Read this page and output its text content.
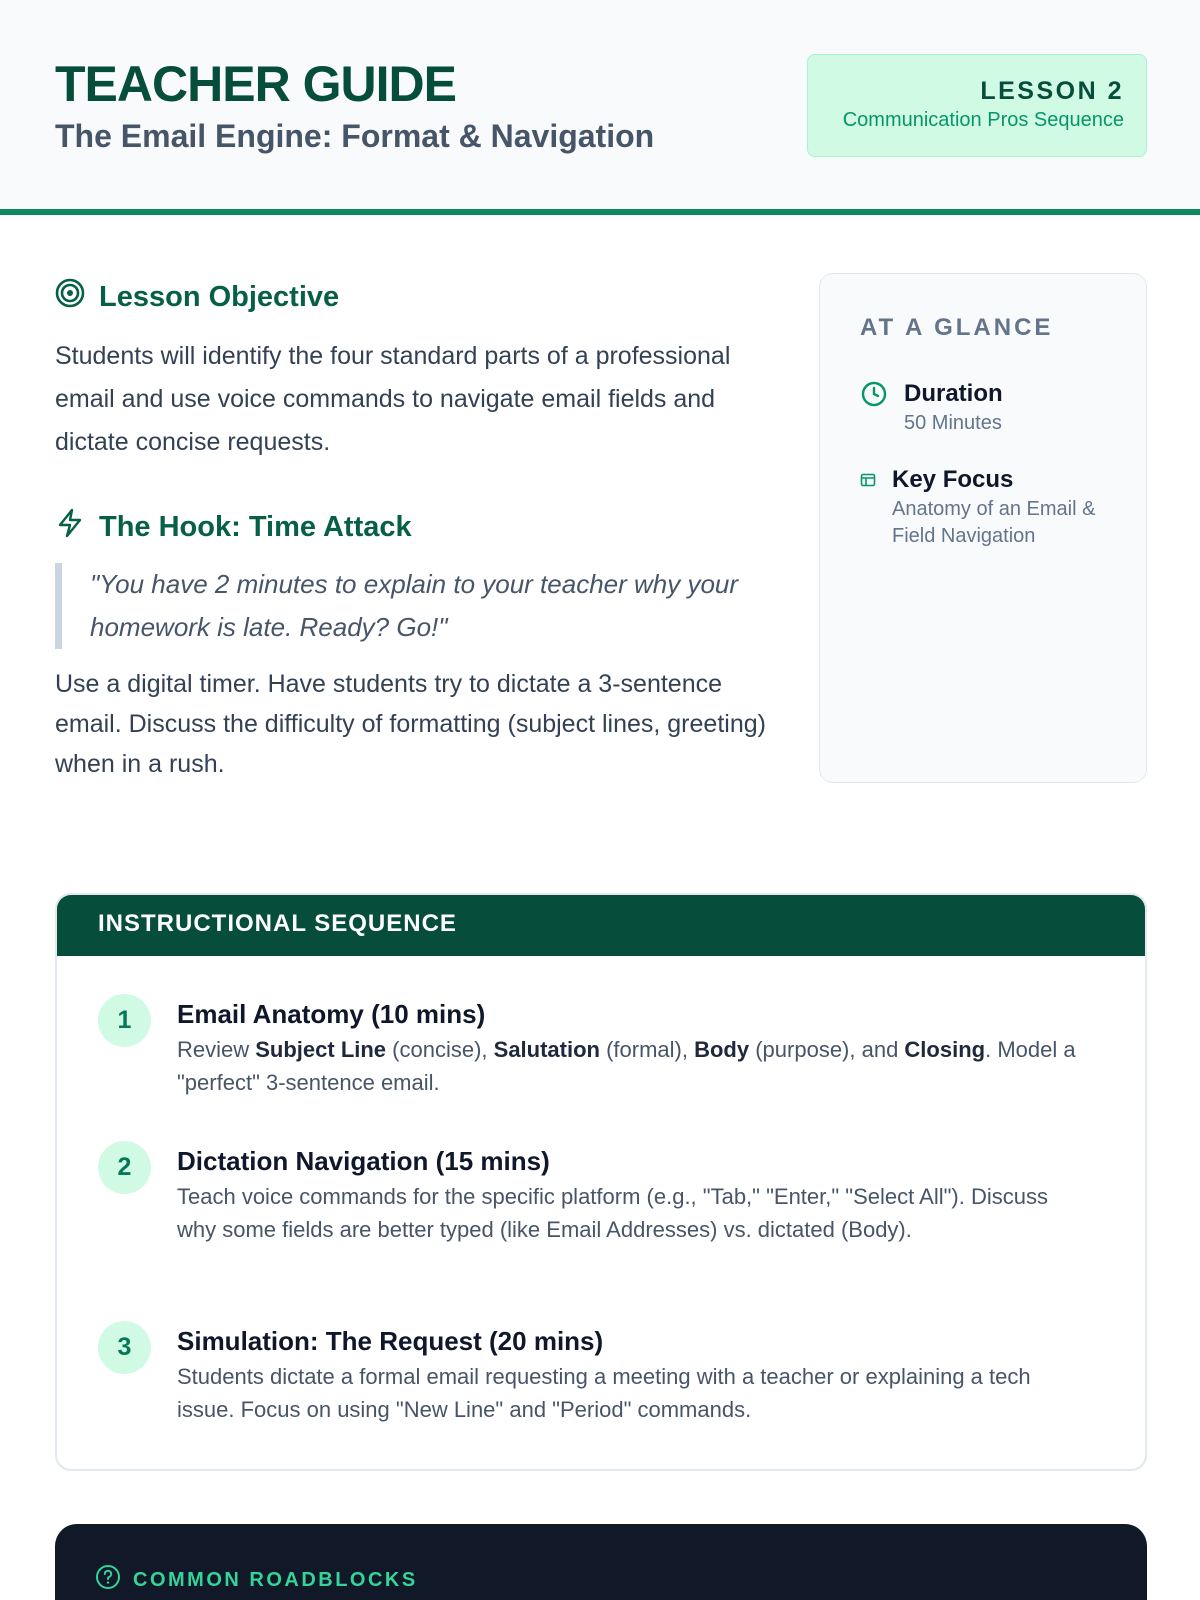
TEACHER GUIDE
The Email Engine: Format & Navigation
LESSON 2
Communication Pros Sequence
Lesson Objective

Students will identify the four standard parts of a professional email and use voice commands to navigate email fields and dictate concise requests.

The Hook: Time Attack
"You have 2 minutes to explain to your teacher why your homework is late. Ready? Go!"

Use a digital timer. Have students try to dictate a 3-sentence email. Discuss the difficulty of formatting (subject lines, greeting) when in a rush.

AT A GLANCE
Duration
50 Minutes
Key Focus
Anatomy of an Email & Field Navigation
INSTRUCTIONAL SEQUENCE
1	Email Anatomy (10 mins)
Review Subject Line (concise), Salutation (formal), Body (purpose), and Closing. Model a "perfect" 3-sentence email.
2	Dictation Navigation (15 mins)
Teach voice commands for the specific platform (e.g., "Tab," "Enter," "Select All"). Discuss why some fields are better typed (like Email Addresses) vs. dictated (Body).
3	Simulation: The Request (20 mins)
Students dictate a formal email requesting a meeting with a teacher or explaining a tech issue. Focus on using "New Line" and "Period" commands.
COMMON ROADBLOCKS
